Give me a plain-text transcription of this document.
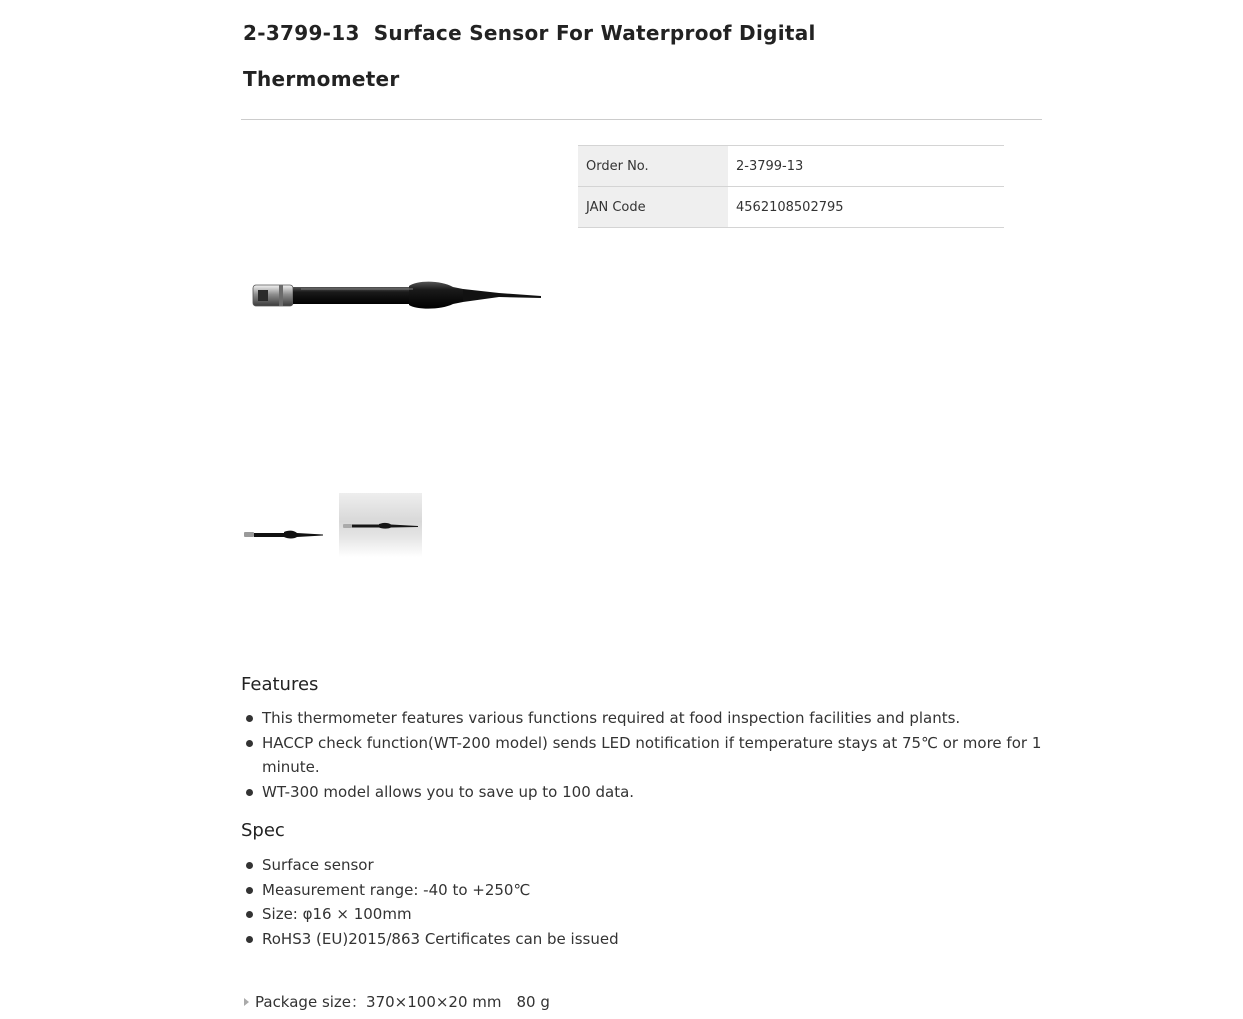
2-3799-13 Surface Sensor For Waterproof Digital Thermometer
Order No.	2-3799-13
JAN Code	4562108502795
Features
This thermometer features various functions required at food inspection facilities and plants.
HACCP check function(WT-200 model) sends LED notification if temperature stays at 75℃ or more for 1 minute.
WT-300 model allows you to save up to 100 data.
Spec
Surface sensor
Measurement range: -40 to +250℃
Size: φ16 × 100mm
RoHS3 (EU)2015/863 Certificates can be issued
Package size：370×100×20 mm　80 g
